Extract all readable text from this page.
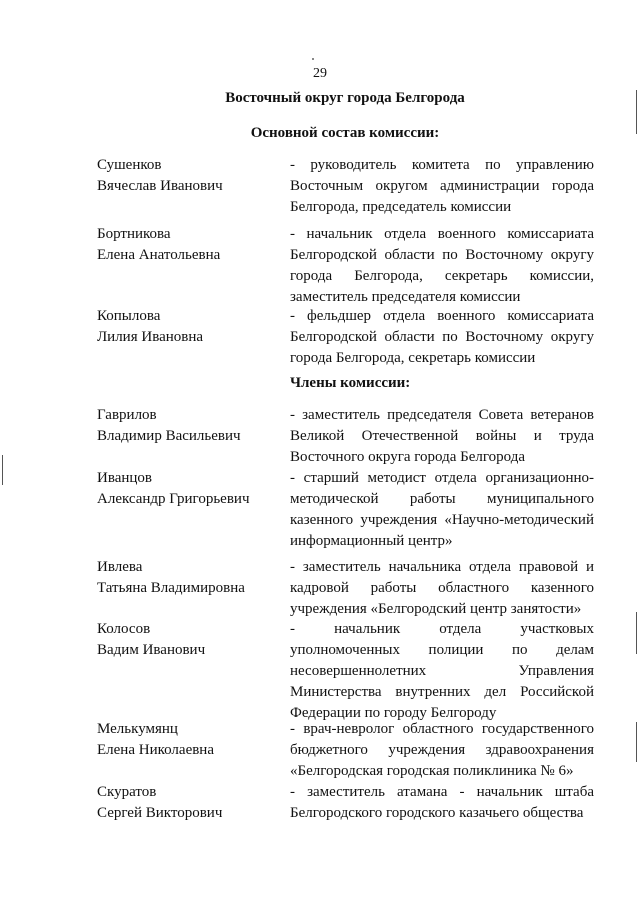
29
Восточный округ города Белгорода
Основной состав комиссии:
Сушенков
Вячеслав Иванович
- руководитель комитета по управлению Восточным округом администрации города Белгорода, председатель комиссии
Бортникова
Елена Анатольевна
- начальник отдела военного комиссариата Белгородской области по Восточному округу города Белгорода, секретарь комиссии, заместитель председателя комиссии
Копылова
Лилия Ивановна
- фельдшер отдела военного комиссариата Белгородской области по Восточному округу города Белгорода, секретарь комиссии
Члены комиссии:
Гаврилов
Владимир Васильевич
- заместитель председателя Совета ветеранов Великой Отечественной войны и труда Восточного округа города Белгорода
Иванцов
Александр Григорьевич
- старший методист отдела организационно-методической работы муниципального казенного учреждения «Научно-методический информационный центр»
Ивлева
Татьяна Владимировна
- заместитель начальника отдела правовой и кадровой работы областного казенного учреждения «Белгородский центр занятости»
Колосов
Вадим Иванович
- начальник отдела участковых уполномоченных полиции по делам несовершеннолетних Управления Министерства внутренних дел Российской Федерации по городу Белгороду
Мелькумянц
Елена Николаевна
- врач-невролог областного государственного бюджетного учреждения здравоохранения «Белгородская городская поликлиника № 6»
Скуратов
Сергей Викторович
- заместитель атамана - начальник штаба Белгородского городского казачьего общества
